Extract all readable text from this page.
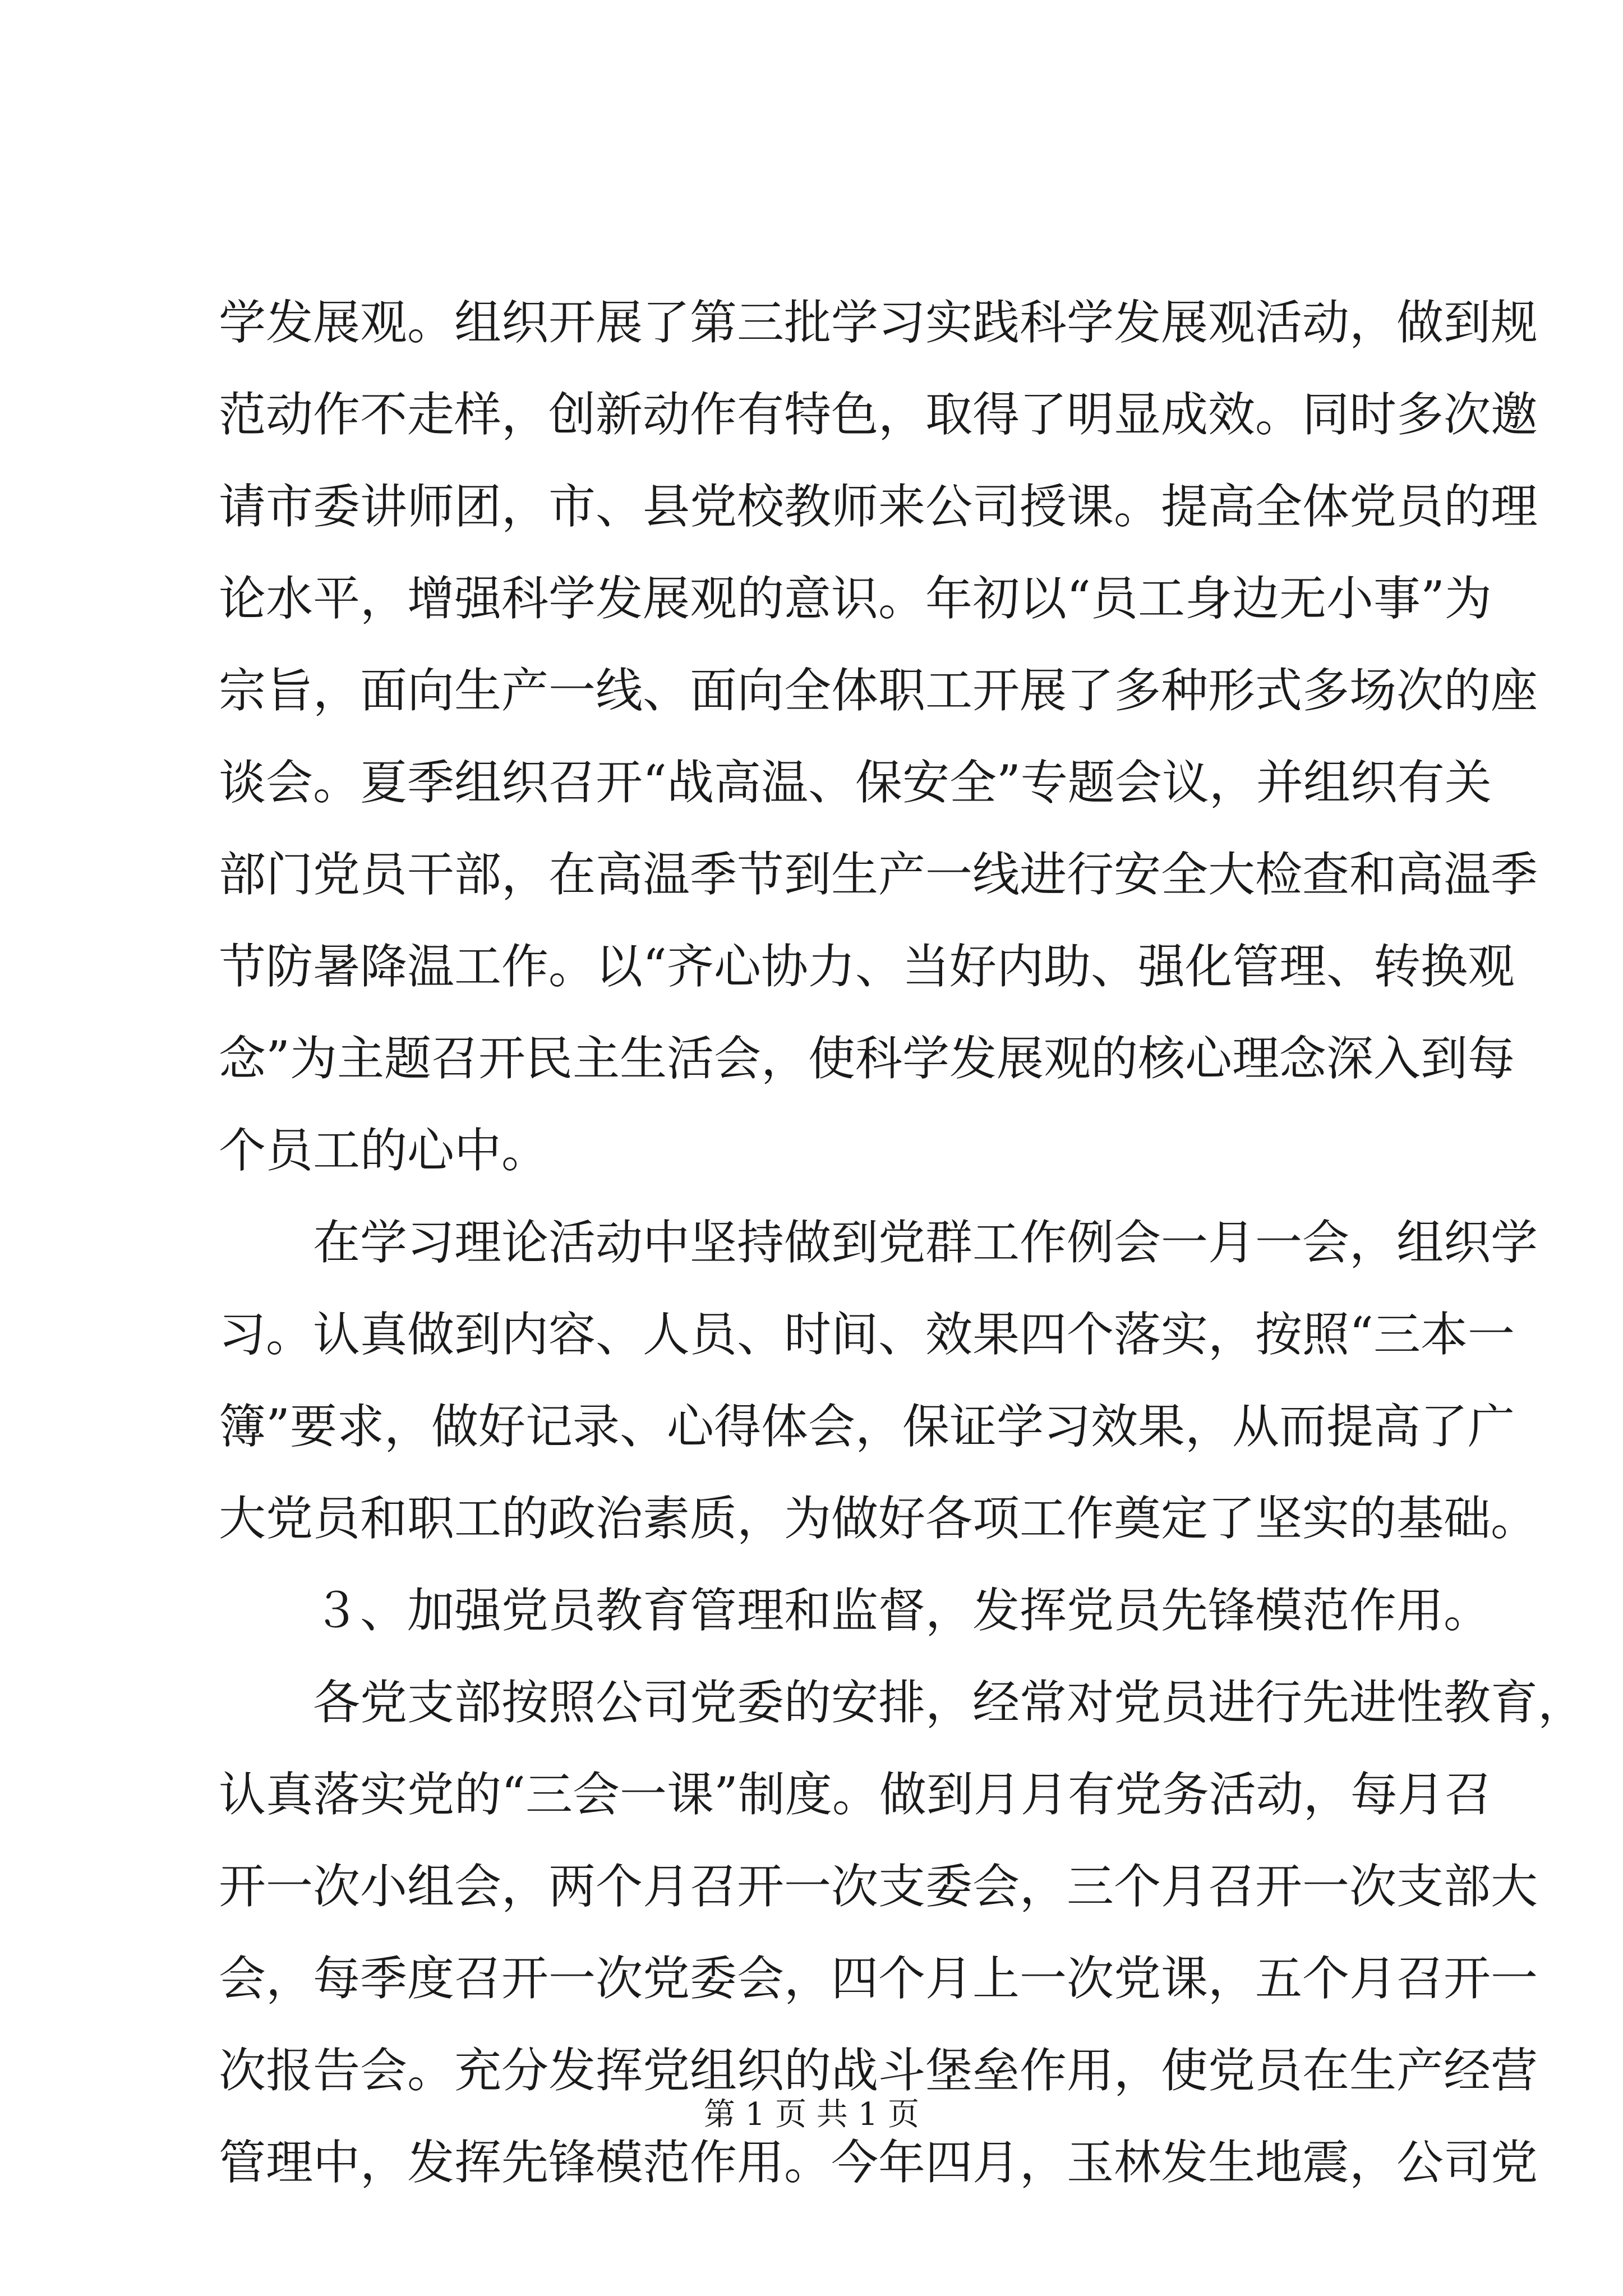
学发展观。组织开展了第三批学习实践科学发展观活动，做到规
范动作不走样，创新动作有特色，取得了明显成效。同时多次邀
请市委讲师团，市、县党校教师来公司授课。提高全体党员的理
论水平，增强科学发展观的意识。年初以“员工身边无小事”为
宗旨，面向生产一线、面向全体职工开展了多种形式多场次的座
谈会。夏季组织召开“战高温、保安全”专题会议，并组织有关
部门党员干部，在高温季节到生产一线进行安全大检查和高温季
节防暑降温工作。以“齐心协力、当好内助、强化管理、转换观
念”为主题召开民主生活会，使科学发展观的核心理念深入到每
个员工的心中。
在学习理论活动中坚持做到党群工作例会一月一会，组织学
习。认真做到内容、人员、时间、效果四个落实，按照“三本一
簿”要求，做好记录、心得体会，保证学习效果，从而提高了广
大党员和职工的政治素质，为做好各项工作奠定了坚实的基础。
３、加强党员教育管理和监督，发挥党员先锋模范作用。
各党支部按照公司党委的安排，经常对党员进行先进性教育，
认真落实党的“三会一课”制度。做到月月有党务活动，每月召
开一次小组会，两个月召开一次支委会，三个月召开一次支部大
会，每季度召开一次党委会，四个月上一次党课，五个月召开一
次报告会。充分发挥党组织的战斗堡垒作用，使党员在生产经营
管理中，发挥先锋模范作用。今年四月，玉林发生地震，公司党
第 1 页 共 1 页
